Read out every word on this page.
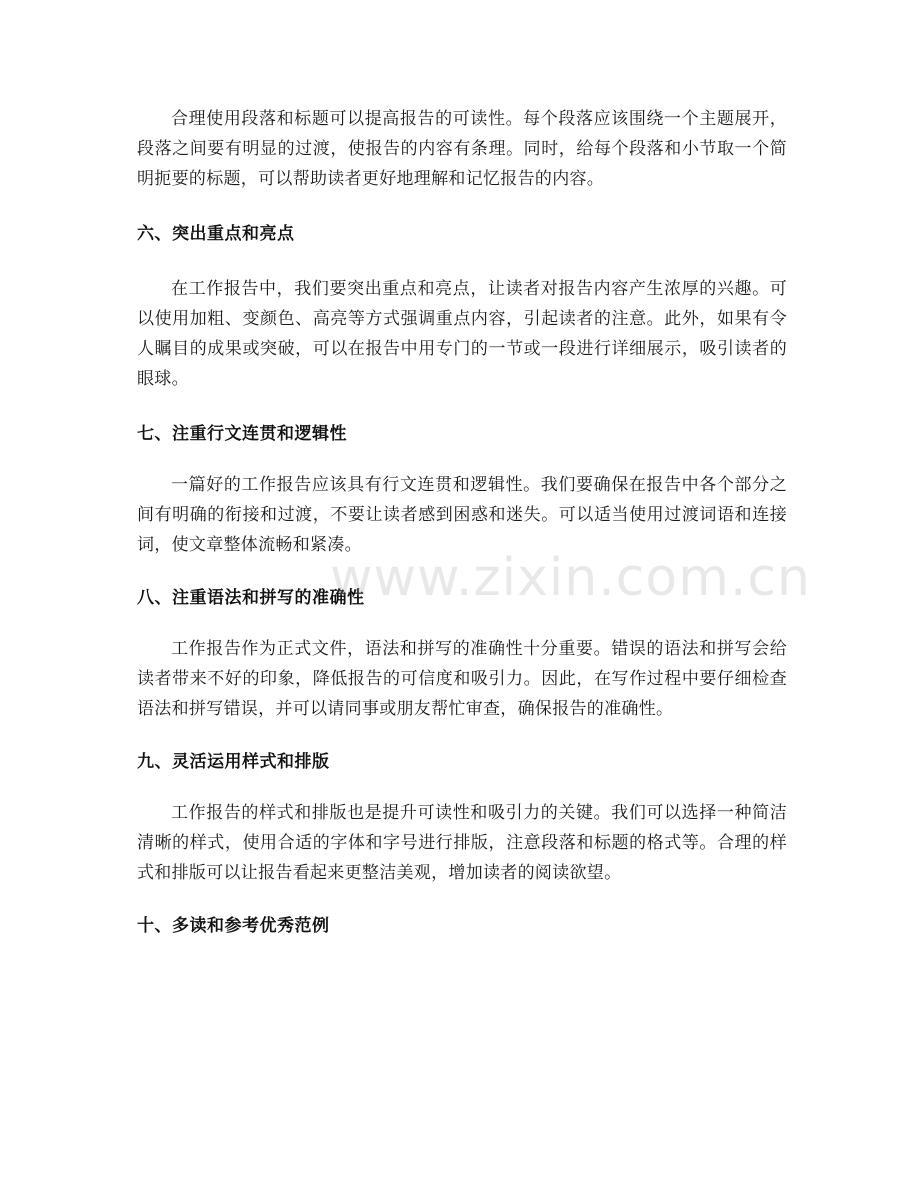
合理使用段落和标题可以提高报告的可读性。每个段落应该围绕一个主题展开，段落之间要有明显的过渡，使报告的内容有条理。同时，给每个段落和小节取一个简明扼要的标题，可以帮助读者更好地理解和记忆报告的内容。

六、突出重点和亮点

在工作报告中，我们要突出重点和亮点，让读者对报告内容产生浓厚的兴趣。可以使用加粗、变颜色、高亮等方式强调重点内容，引起读者的注意。此外，如果有令人瞩目的成果或突破，可以在报告中用专门的一节或一段进行详细展示，吸引读者的眼球。

七、注重行文连贯和逻辑性

一篇好的工作报告应该具有行文连贯和逻辑性。我们要确保在报告中各个部分之间有明确的衔接和过渡，不要让读者感到困惑和迷失。可以适当使用过渡词语和连接词，使文章整体流畅和紧凑。

八、注重语法和拼写的准确性

工作报告作为正式文件，语法和拼写的准确性十分重要。错误的语法和拼写会给读者带来不好的印象，降低报告的可信度和吸引力。因此，在写作过程中要仔细检查语法和拼写错误，并可以请同事或朋友帮忙审查，确保报告的准确性。

九、灵活运用样式和排版

工作报告的样式和排版也是提升可读性和吸引力的关键。我们可以选择一种简洁清晰的样式，使用合适的字体和字号进行排版，注意段落和标题的格式等。合理的样式和排版可以让报告看起来更整洁美观，增加读者的阅读欲望。

十、多读和参考优秀范例
www.zixin.com.cn
